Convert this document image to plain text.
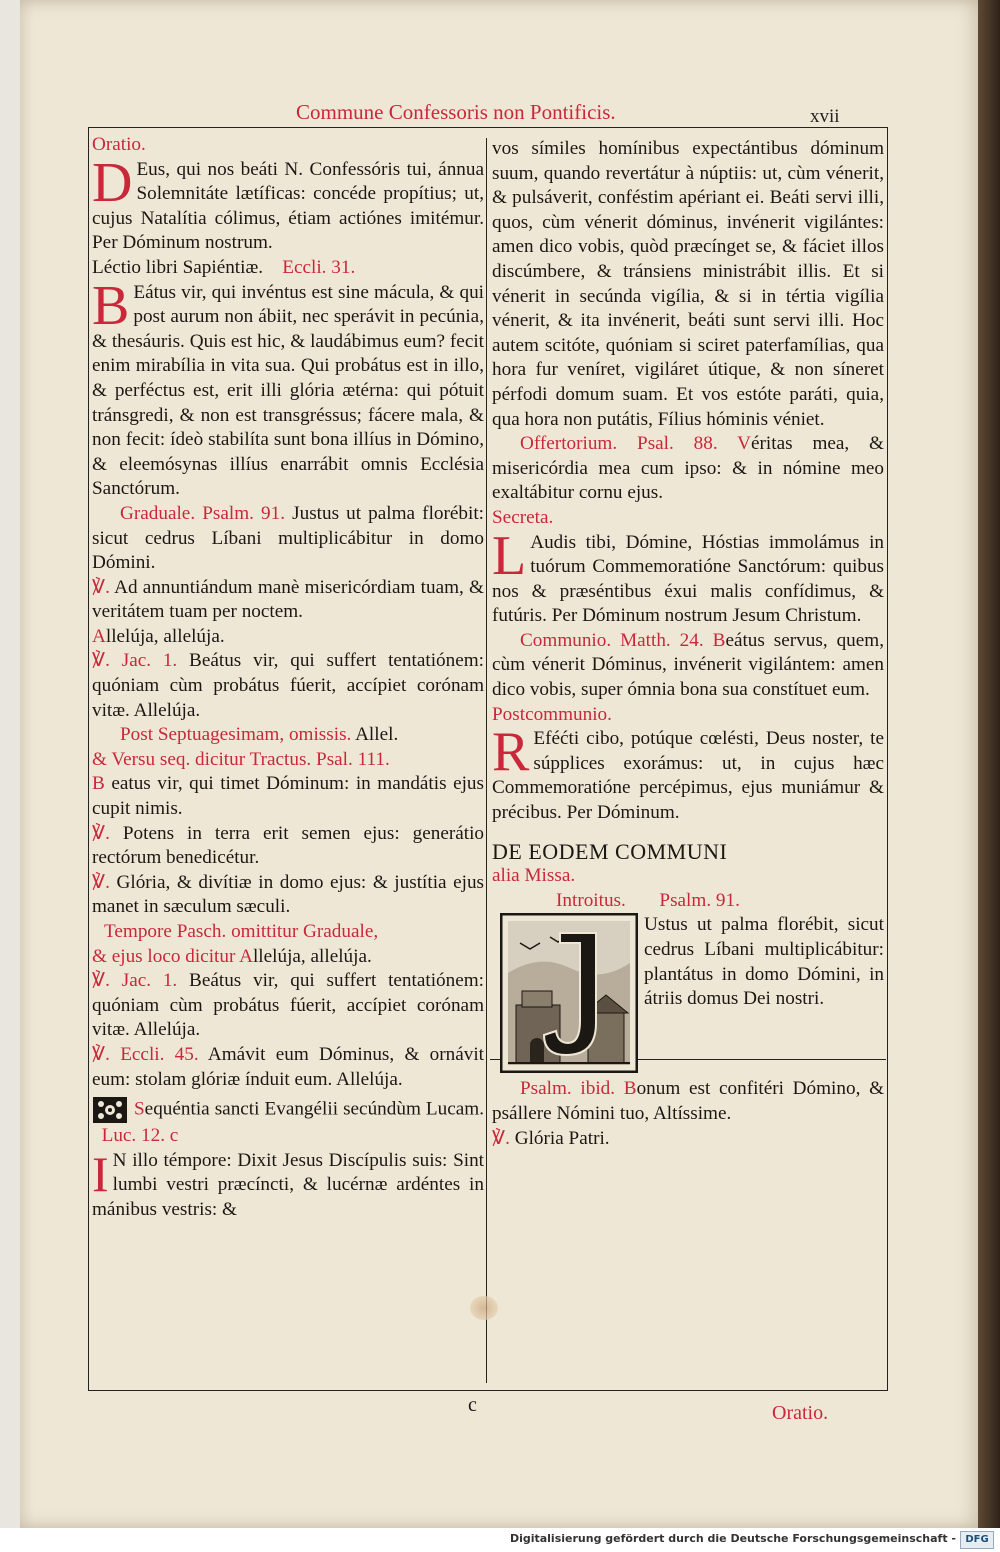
Commune Confessoris non Pontificis.	xvii

Oratio.

D Eus, qui nos beáti N. Confessóris tui, ánnua Solemnitáte lætíficas: concéde propítius; ut, cujus Natalítia cólimus, étiam actiónes imitémur. Per Dóminum nostrum.

Léctio libri Sapiéntiæ. Eccli. 31.

B Eátus vir, qui invéntus est sine mácula, & qui post aurum non ábiit, nec sperávit in pecúnia, & thesáuris. Quis est hic, & laudábimus eum? fecit enim mirabília in vita sua. Qui probátus est in illo, & perféctus est, erit illi glória ætérna: qui pótuit tránsgredi, & non est transgréssus; fácere mala, & non fecit: ídeò stabilíta sunt bona illíus in Dómino, & eleemósynas illíus enarrábit omnis Ecclésia Sanctórum.

Graduale. Psalm. 91. Justus ut palma florébit: sicut cedrus Líbani multiplicábitur in domo Dómini.

℣. Ad annuntiándum manè misericórdiam tuam, & veritátem tuam per noctem.

Allelúja, allelúja.

℣. Jac. 1. Beátus vir, qui suffert tentatiónem: quóniam cùm probátus fúerit, accípiet corónam vitæ. Allelúja.

Post Septuagesimam, omissis. Allel.

& Versu seq. dicitur Tractus. Psal. 111.

B eatus vir, qui timet Dóminum: in mandátis ejus cupit nimis.

℣. Potens in terra erit semen ejus: generátio rectórum benedicétur.

℣. Glória, & divítiæ in domo ejus: & justítia ejus manet in sæculum sæculi.

Tempore Pasch. omittitur Graduale,

& ejus loco dicitur Allelúja, allelúja.

℣. Jac. 1. Beátus vir, qui suffert tentatiónem: quóniam cùm probátus fúerit, accípiet corónam vitæ. Allelúja.

℣. Eccli. 45. Amávit eum Dóminus, & ornávit eum: stolam glóriæ índuit eum. Allelúja.

Sequéntia sancti Evangélii secúndùm Lucam.   Luc. 12. c

I N illo témpore: Dixit Jesus Discípulis suis: Sint lumbi vestri præcíncti, & lucérnæ ardéntes in mánibus vestris: &

vos símiles homínibus expectántibus dóminum suum, quando revertátur à núptiis: ut, cùm vénerit, & pulsáverit, conféstim apériant ei. Beáti servi illi, quos, cùm vénerit dóminus, invénerit vigilántes: amen dico vobis, quòd præcínget se, & fáciet illos discúmbere, & tránsiens ministrábit illis. Et si vénerit in secúnda vigília, & si in tértia vigília vénerit, & ita invénerit, beáti sunt servi illi. Hoc autem scitóte, quóniam si sciret paterfamílias, qua hora fur veníret, vigiláret útique, & non síneret pérfodi domum suam. Et vos estóte paráti, quia, qua hora non putátis, Fílius hóminis véniet.

Offertorium. Psal. 88. Véritas mea, & misericórdia mea cum ipso: & in nómine meo exaltábitur cornu ejus.

Secreta.

L Audis tibi, Dómine, Hóstias immolámus in tuórum Commemoratióne Sanctórum: quibus nos & præséntibus éxui malis confídimus, & futúris. Per Dóminum nostrum Jesum Christum.

Communio. Matth. 24. Beátus servus, quem, cùm vénerit Dóminus, invénerit vigilántem: amen dico vobis, super ómnia bona sua constítuet eum.

Postcommunio.

R Eféćti cibo, potúque cœlésti, Deus noster, te súpplices exorámus: ut, in cujus hæc Commemoratióne percépimus, ejus muniámur & précibus. Per Dóminum.

DE EODEM COMMUNI

alia Missa.

Introitus. Psalm. 91.

Ustus ut palma florébit, sicut cedrus Líbani multiplicábitur: plantátus in domo Dómini, in átriis domus Dei nostri.

Psalm. ibid. Bonum est confitéri Dómino, & psállere Nómini tuo, Altíssime.

℣. Glória Patri.

c	Oratio.
Digitalisierung gefördert durch die Deutsche Forschungsgemeinschaft - DFG
